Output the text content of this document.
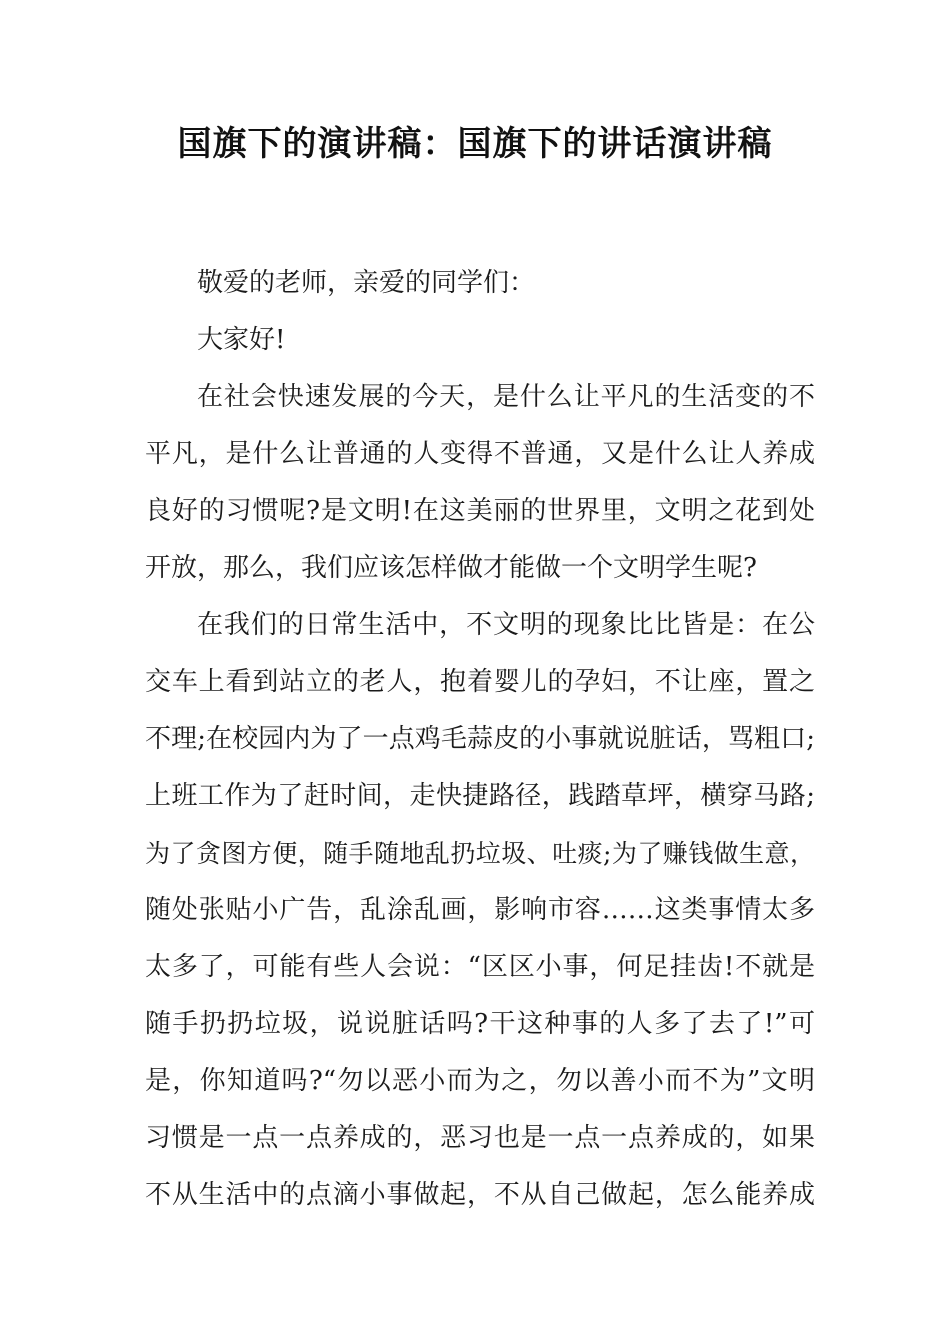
国旗下的演讲稿：国旗下的讲话演讲稿
敬爱的老师，亲爱的同学们：
大家好!
在社会快速发展的今天，是什么让平凡的生活变的不
平凡，是什么让普通的人变得不普通，又是什么让人养成
良好的习惯呢?是文明!在这美丽的世界里，文明之花到处
开放，那么，我们应该怎样做才能做一个文明学生呢?
在我们的日常生活中，不文明的现象比比皆是：在公
交车上看到站立的老人，抱着婴儿的孕妇，不让座，置之
不理;在校园内为了一点鸡毛蒜皮的小事就说脏话，骂粗口;
上班工作为了赶时间，走快捷路径，践踏草坪，横穿马路;
为了贪图方便，随手随地乱扔垃圾、吐痰;为了赚钱做生意，
随处张贴小广告，乱涂乱画，影响市容……这类事情太多
太多了，可能有些人会说：“区区小事，何足挂齿!不就是
随手扔扔垃圾，说说脏话吗?干这种事的人多了去了!”可
是，你知道吗?“勿以恶小而为之，勿以善小而不为”文明
习惯是一点一点养成的，恶习也是一点一点养成的，如果
不从生活中的点滴小事做起，不从自己做起，怎么能养成
